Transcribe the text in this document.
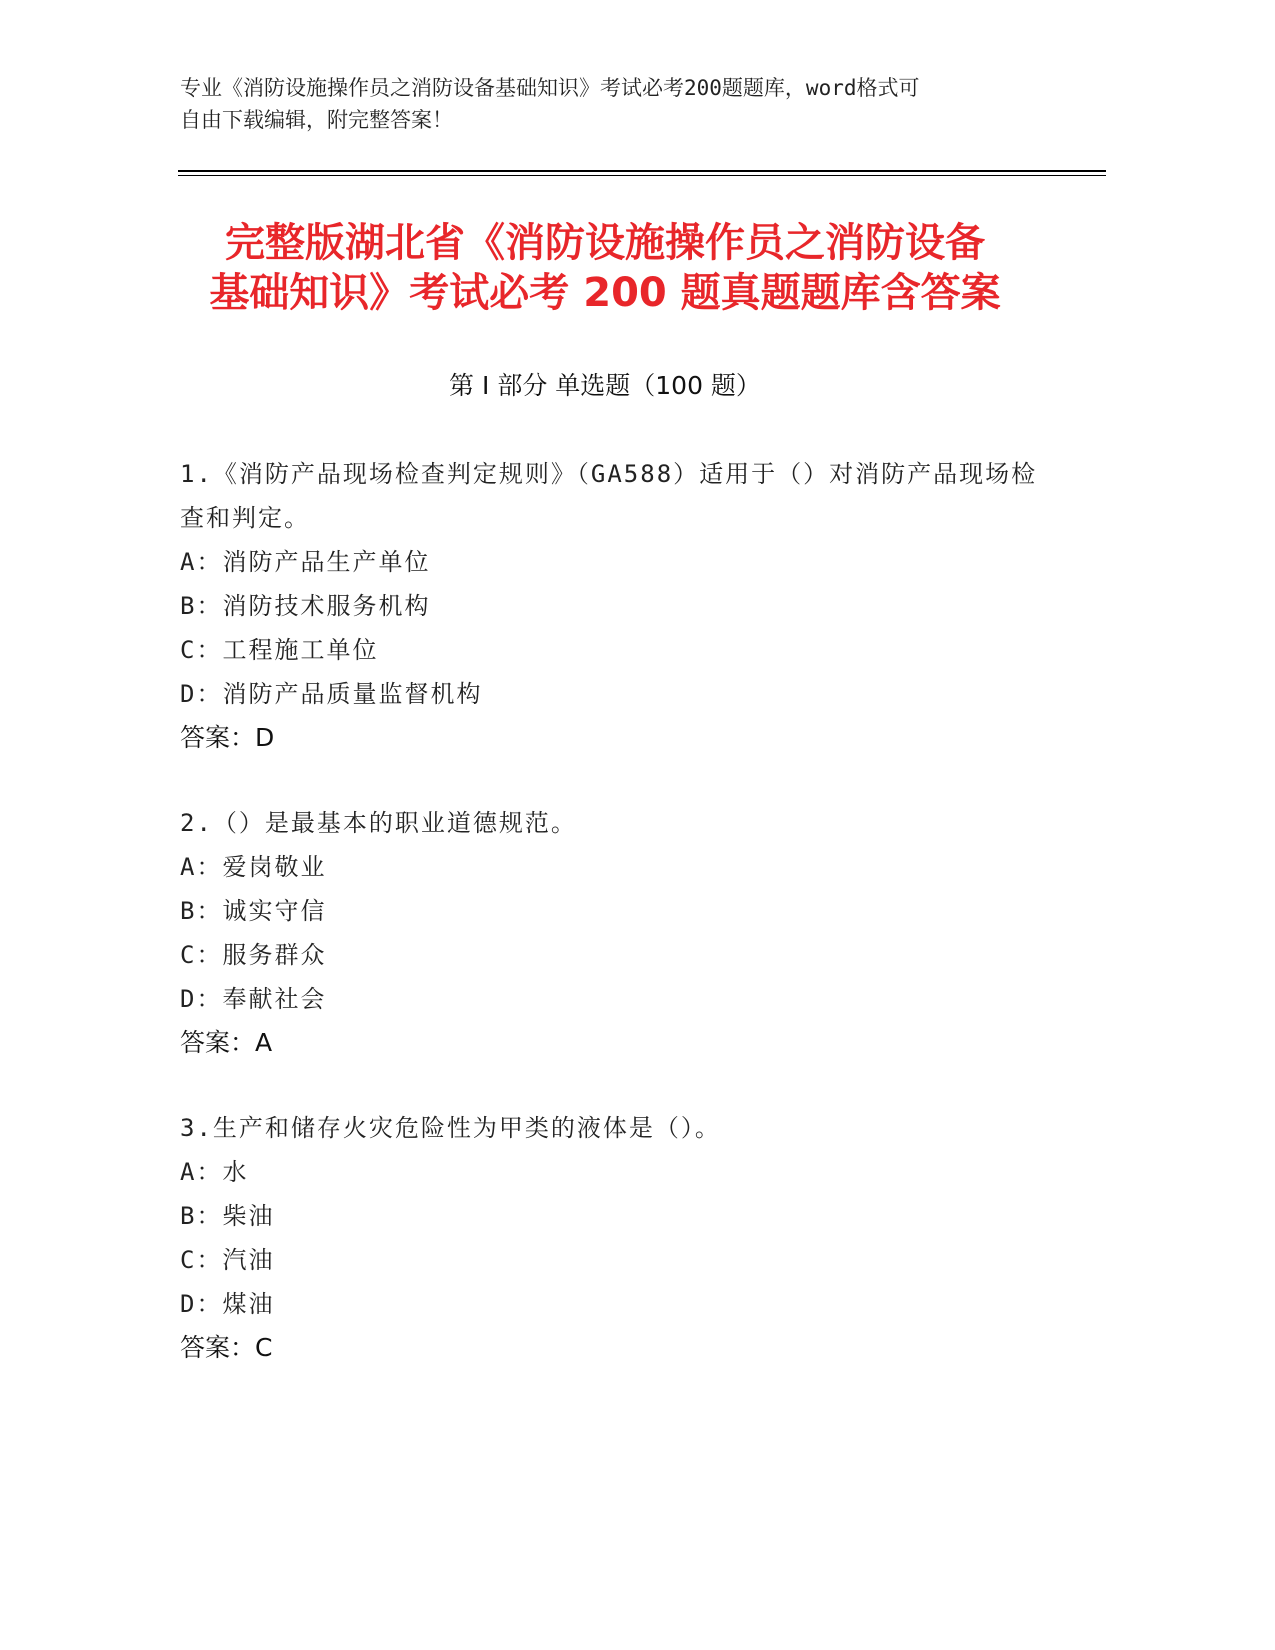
专业《消防设施操作员之消防设备基础知识》考试必考200题题库，word格式可
自由下载编辑，附完整答案！
完整版湖北省《消防设施操作员之消防设备
基础知识》考试必考 200 题真题题库含答案
第 I 部分 单选题（100 题）
1.《消防产品现场检查判定规则》（GA588）适用于（）对消防产品现场检查和判定。
A：消防产品生产单位
B：消防技术服务机构
C：工程施工单位
D：消防产品质量监督机构
答案：D
2.（）是最基本的职业道德规范。
A：爱岗敬业
B：诚实守信
C：服务群众
D：奉献社会
答案：A
3.生产和储存火灾危险性为甲类的液体是（）。
A：水
B：柴油
C：汽油
D：煤油
答案：C
